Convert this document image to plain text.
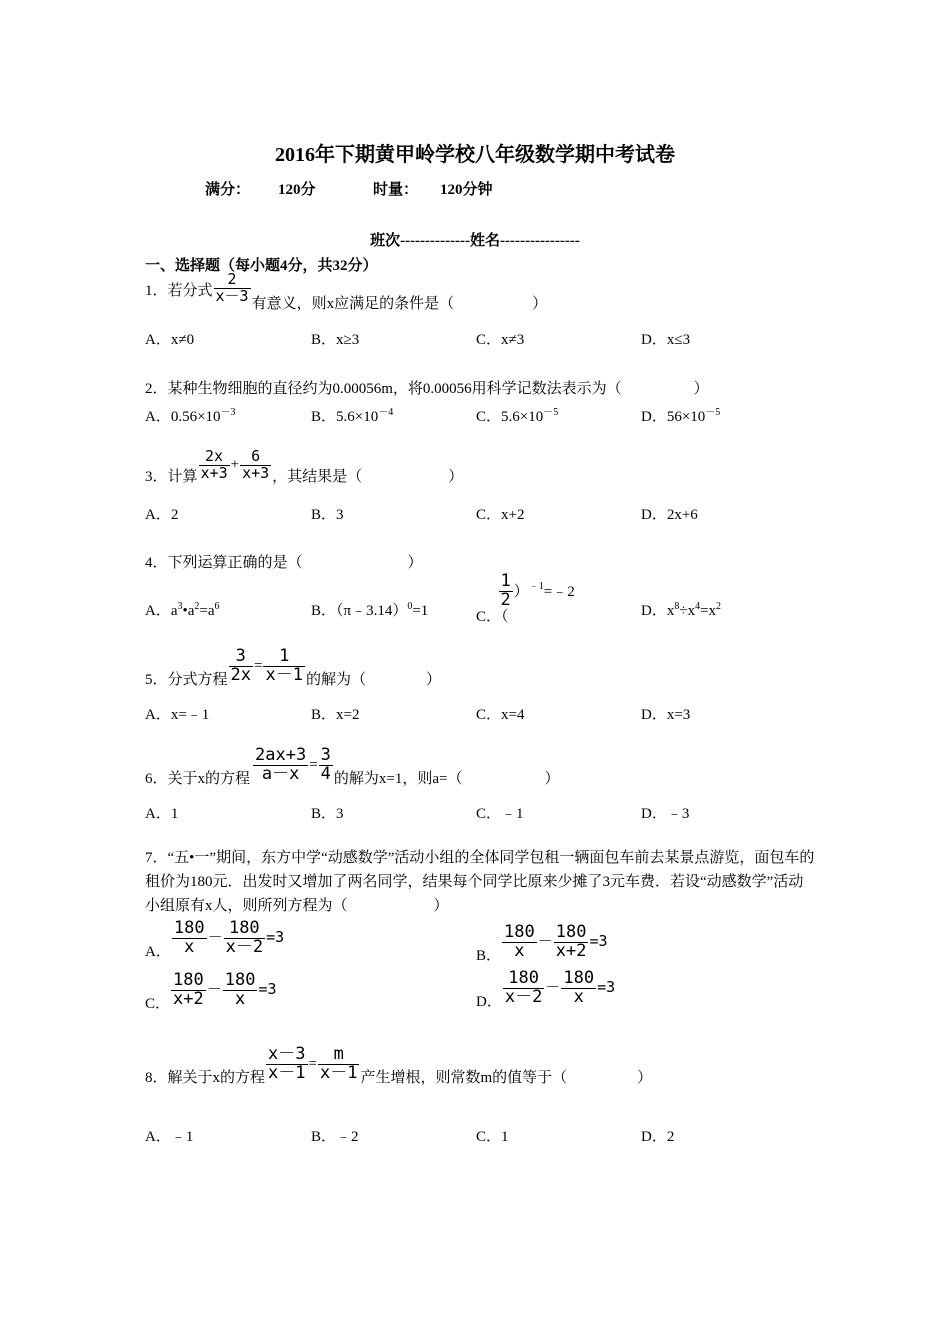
2016年下期黄甲岭学校八年级数学期中考试卷
满分： 120分	时量： 120分钟
班次--------------姓名----------------
一、选择题（每小题4分，共32分）
1．若分式 $\frac{2}{x-3}$ 有意义，则x应满足的条件是（	）
A．x≠0	B．x≥3	C．x≠3	D．x≤3
2．某种生物细胞的直径约为0.00056m，将0.00056用科学记数法表示为（	）
A．$0.56\times 10^{-3}$	B．$5.6\times 10^{-4}$	C．$5.6\times 10^{-5}$	D．$56\times 10^{-5}$
3．计算 $\frac{2x}{x+3} + \frac{6}{x+3}$ ，其结果是（	）
A．2	B．3	C．x+2	D．2x+6
4．下列运算正确的是（	）
A．$a^3•a^2=a^6$	B．（π﹣3.14）$^0$=1	C．（
$\frac{1}{2}$ ）$^{﹣1}$=﹣2
D．$x^8\div x^4=x^2$
5．分式方程 $\frac{3}{2x} = \frac{1}{x-1}$ 的解为（	）
A．x=﹣1	B．x=2	C．x=4	D．x=3
6．关于x的方程 $\frac{2ax+3}{a-x} = \frac{3}{4}$ 的解为x=1，则a=（	）
A．1	B．3	C．﹣1	D．﹣3
7．“五•一”期间，东方中学“动感数学”活动小组的全体同学包租一辆面包车前去某景点游览，面包车的租价为180元．出发时又增加了两名同学，结果每个同学比原来少摊了3元车费．若设“动感数学”活动小组原有x人，则所列方程为（	）
A． $\frac{180}{x} - \frac{180}{x-2} =3$
B． $\frac{180}{x} - \frac{180}{x+2} =3$
C． $\frac{180}{x+2} - \frac{180}{x} =3$
D． $\frac{180}{x-2} - \frac{180}{x} =3$
8．解关于x的方程 $\frac{x-3}{x-1} = \frac{m}{x-1}$ 产生增根，则常数m的值等于（	）
A．﹣1	B．﹣2	C．1	D．2
